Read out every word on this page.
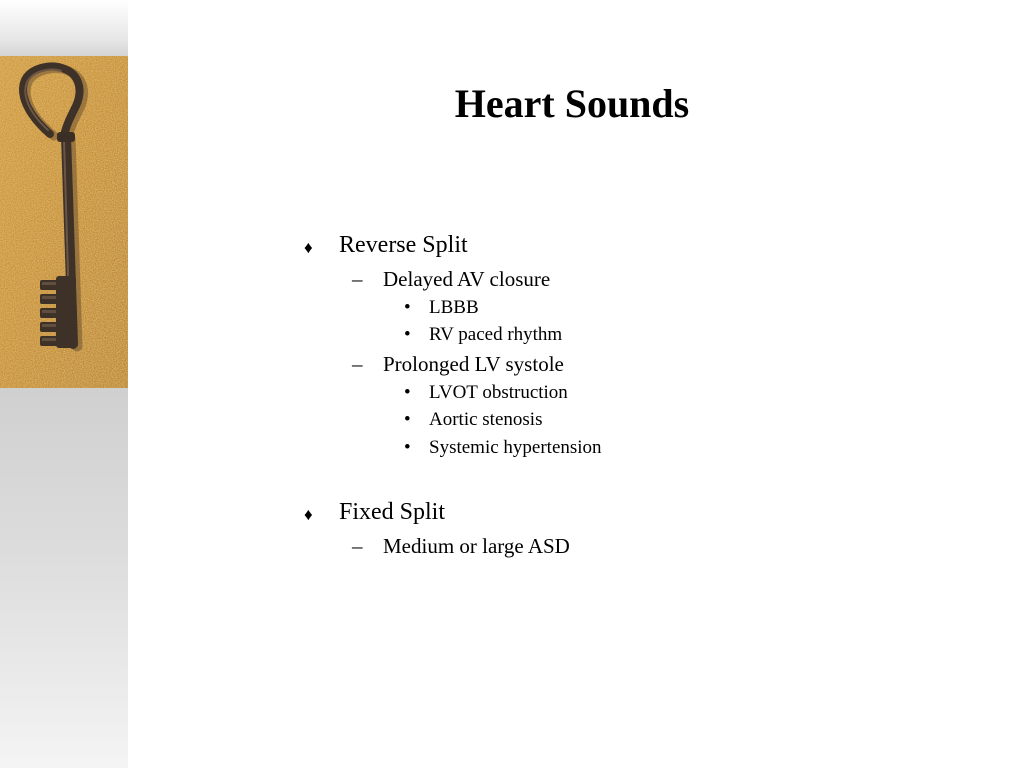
Heart Sounds
♦ Reverse Split
– Delayed AV closure
• LBBB
• RV paced rhythm
– Prolonged LV systole
• LVOT obstruction
• Aortic stenosis
• Systemic hypertension
♦ Fixed Split
– Medium or large ASD
